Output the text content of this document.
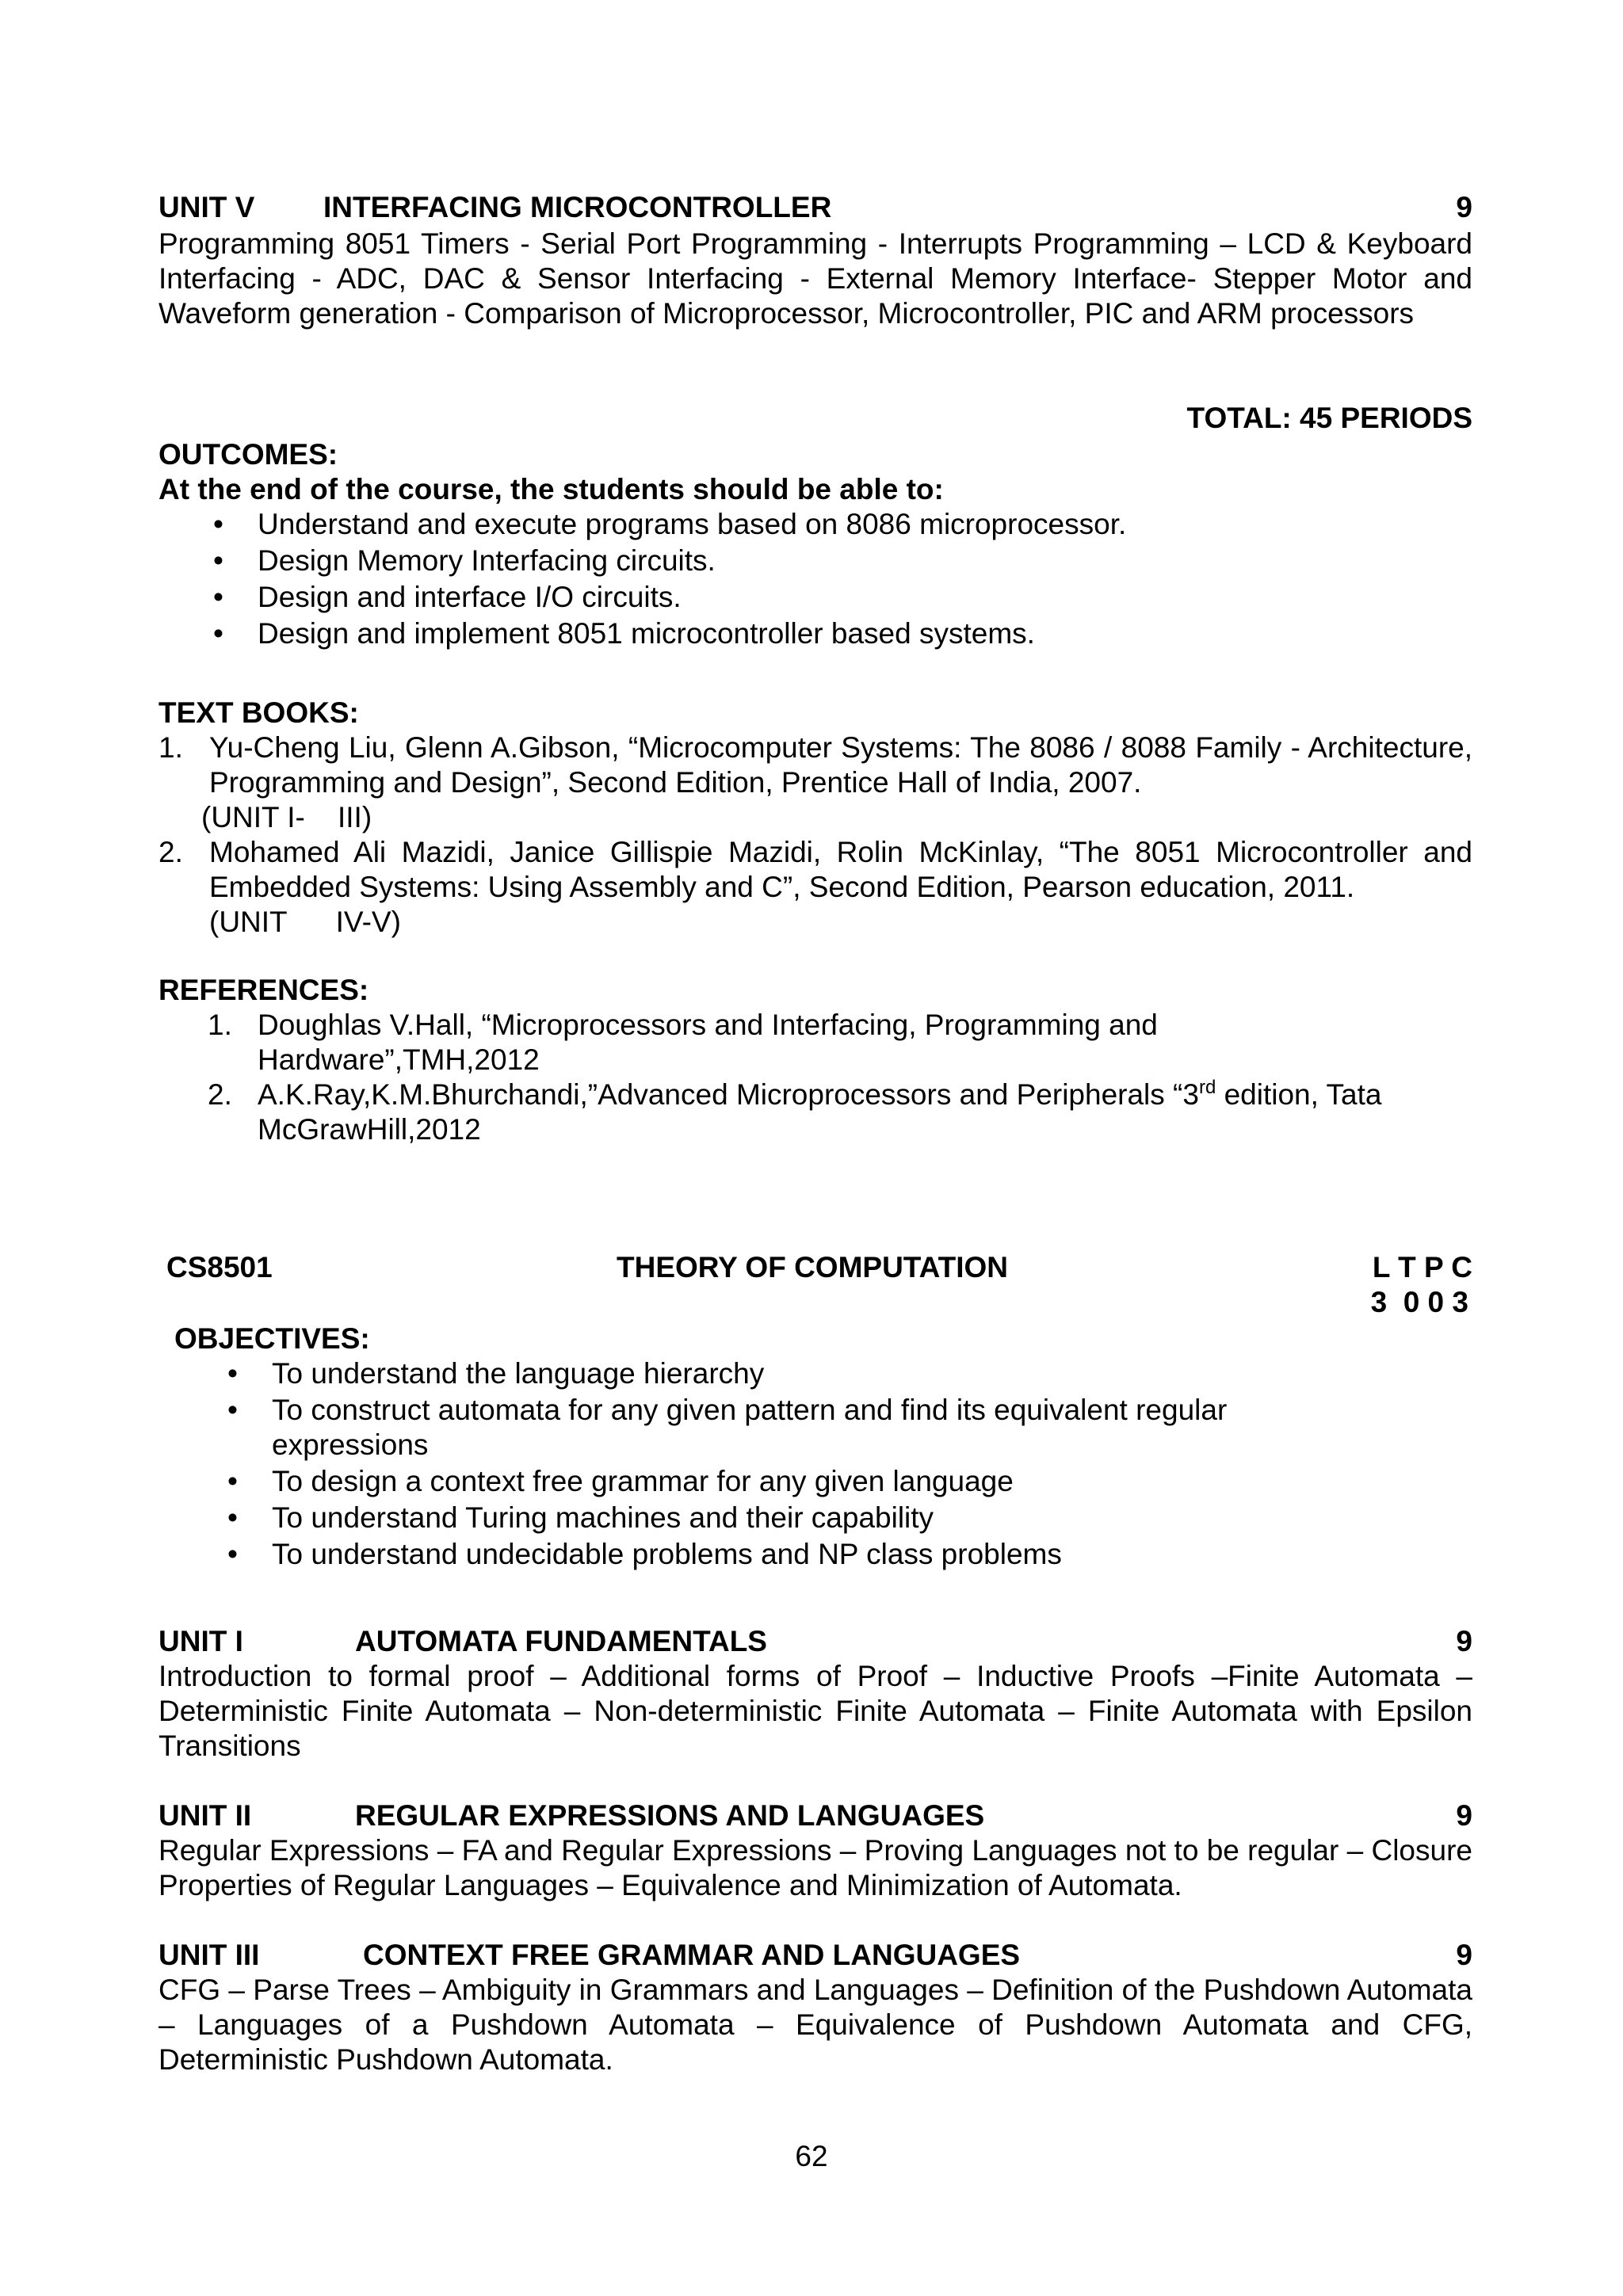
UNIT V INTERFACING MICROCONTROLLER	9
Programming 8051 Timers - Serial Port Programming - Interrupts Programming – LCD & Keyboard Interfacing - ADC, DAC & Sensor Interfacing - External Memory Interface- Stepper Motor and Waveform generation - Comparison of Microprocessor, Microcontroller, PIC and ARM processors
TOTAL: 45 PERIODS
OUTCOMES:
At the end of the course, the students should be able to:
• Understand and execute programs based on 8086 microprocessor.
• Design Memory Interfacing circuits.
• Design and interface I/O circuits.
• Design and implement 8051 microcontroller based systems.
TEXT BOOKS:
1. Yu-Cheng Liu, Glenn A.Gibson, “Microcomputer Systems: The 8086 / 8088 Family - Architecture, Programming and Design”, Second Edition, Prentice Hall of India, 2007.
(UNIT I-    III)
2. Mohamed Ali Mazidi, Janice Gillispie Mazidi, Rolin McKinlay, “The 8051 Microcontroller and Embedded Systems: Using Assembly and C”, Second Edition, Pearson education, 2011.
(UNIT      IV-V)
REFERENCES:
1. Doughlas V.Hall, “Microprocessors and Interfacing, Programming and
Hardware”,TMH,2012
2. A.K.Ray,K.M.Bhurchandi,”Advanced Microprocessors and Peripherals “3rd edition, Tata
McGrawHill,2012
CS8501	THEORY OF COMPUTATION	L T P C
3  0 0 3
OBJECTIVES:
• To understand the language hierarchy
• To construct automata for any given pattern and find its equivalent regular
expressions
• To design a context free grammar for any given language
• To understand Turing machines and their capability
• To understand undecidable problems and NP class problems
UNIT I	AUTOMATA FUNDAMENTALS	9
Introduction to formal proof – Additional forms of Proof – Inductive Proofs –Finite Automata – Deterministic Finite Automata – Non-deterministic Finite Automata – Finite Automata with Epsilon Transitions
UNIT II	REGULAR EXPRESSIONS AND LANGUAGES	9
Regular Expressions – FA and Regular Expressions – Proving Languages not to be regular – Closure Properties of Regular Languages – Equivalence and Minimization of Automata.
UNIT III	CONTEXT FREE GRAMMAR AND LANGUAGES	9
CFG – Parse Trees – Ambiguity in Grammars and Languages – Definition of the Pushdown Automata – Languages of a Pushdown Automata – Equivalence of Pushdown Automata and CFG, Deterministic Pushdown Automata.
62
